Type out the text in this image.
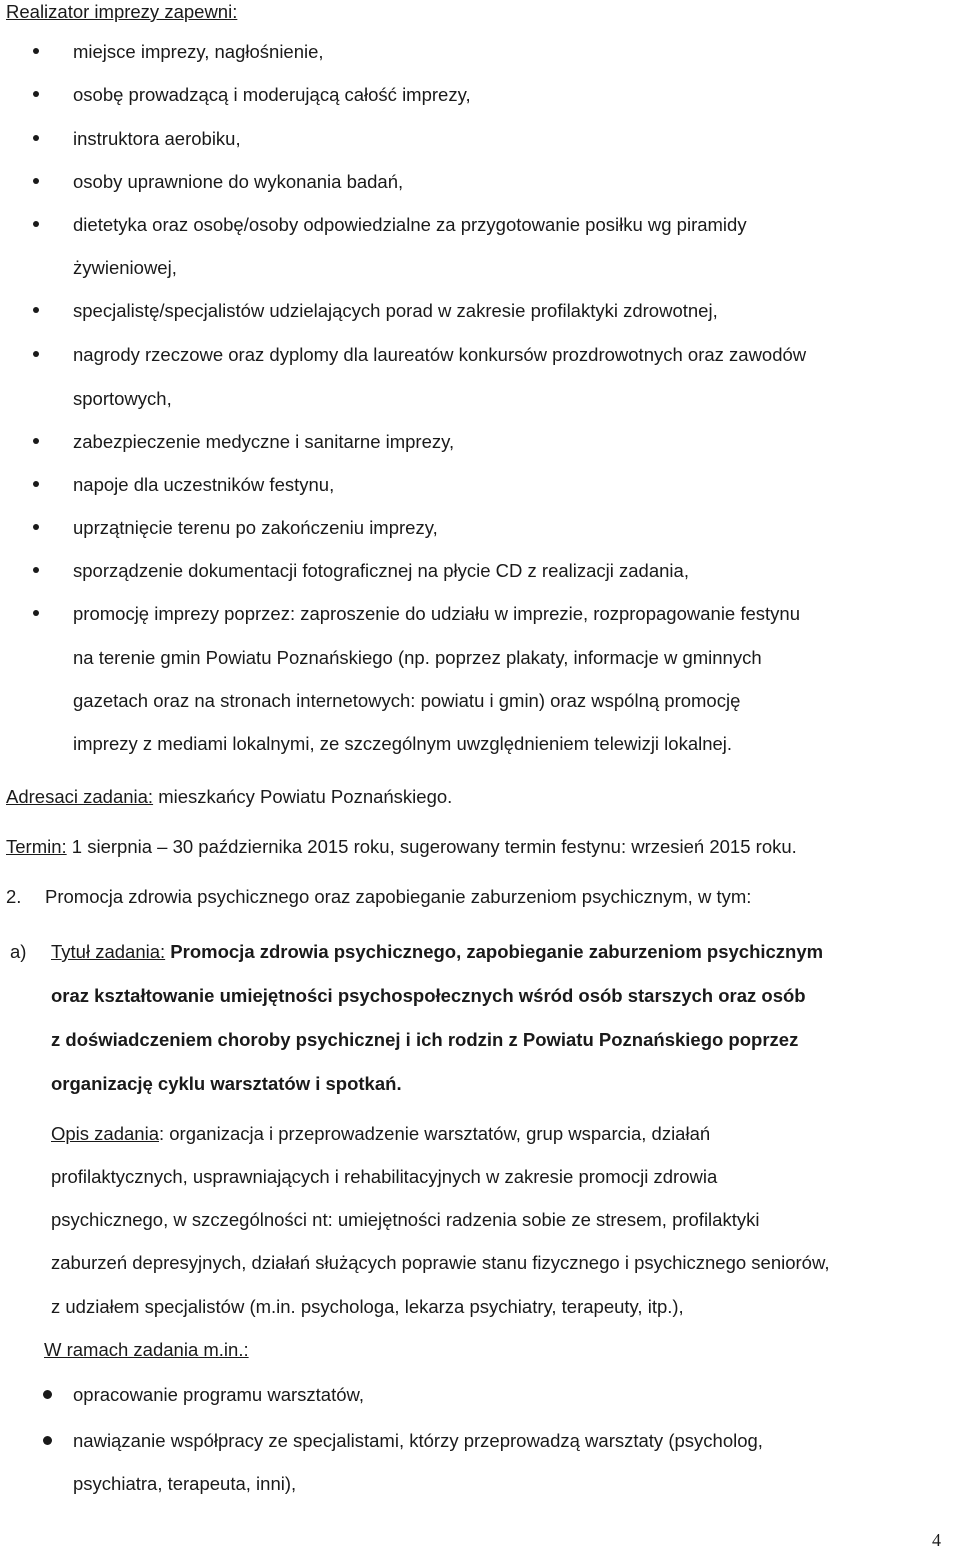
Realizator imprezy zapewni:
miejsce imprezy, nagłośnienie,
osobę prowadzącą i moderującą całość imprezy,
instruktora aerobiku,
osoby uprawnione do wykonania badań,
dietetyka oraz osobę/osoby odpowiedzialne za przygotowanie posiłku wg piramidy
żywieniowej,
specjalistę/specjalistów udzielających porad w zakresie profilaktyki zdrowotnej,
nagrody rzeczowe oraz dyplomy dla laureatów konkursów prozdrowotnych oraz zawodów
sportowych,
zabezpieczenie medyczne i sanitarne imprezy,
napoje dla uczestników festynu,
uprzątnięcie terenu po zakończeniu imprezy,
sporządzenie dokumentacji fotograficznej na płycie CD z realizacji zadania,
promocję imprezy poprzez: zaproszenie do udziału w imprezie, rozpropagowanie festynu
na terenie gmin Powiatu Poznańskiego (np. poprzez plakaty, informacje w gminnych
gazetach oraz na stronach internetowych: powiatu i gmin) oraz wspólną promocję
imprezy z mediami lokalnymi, ze szczególnym uwzględnieniem telewizji lokalnej.
Adresaci zadania: mieszkańcy Powiatu Poznańskiego.
Termin: 1 sierpnia – 30 października 2015 roku, sugerowany termin festynu: wrzesień 2015 roku.
2. Promocja zdrowia psychicznego oraz zapobieganie zaburzeniom psychicznym, w tym:
a) Tytuł zadania: Promocja zdrowia psychicznego, zapobieganie zaburzeniom psychicznym
oraz kształtowanie umiejętności psychospołecznych wśród osób starszych oraz osób
z doświadczeniem choroby psychicznej i ich rodzin z Powiatu Poznańskiego poprzez
organizację cyklu warsztatów i spotkań.
Opis zadania: organizacja i przeprowadzenie warsztatów, grup wsparcia, działań
profilaktycznych, usprawniających i rehabilitacyjnych w zakresie promocji zdrowia
psychicznego, w szczególności nt: umiejętności radzenia sobie ze stresem, profilaktyki
zaburzeń depresyjnych, działań służących poprawie stanu fizycznego i psychicznego seniorów,
z udziałem specjalistów (m.in. psychologa, lekarza psychiatry, terapeuty, itp.),
W ramach zadania m.in.:
opracowanie programu warsztatów,
nawiązanie współpracy ze specjalistami, którzy przeprowadzą warsztaty (psycholog,
psychiatra, terapeuta, inni),
4
